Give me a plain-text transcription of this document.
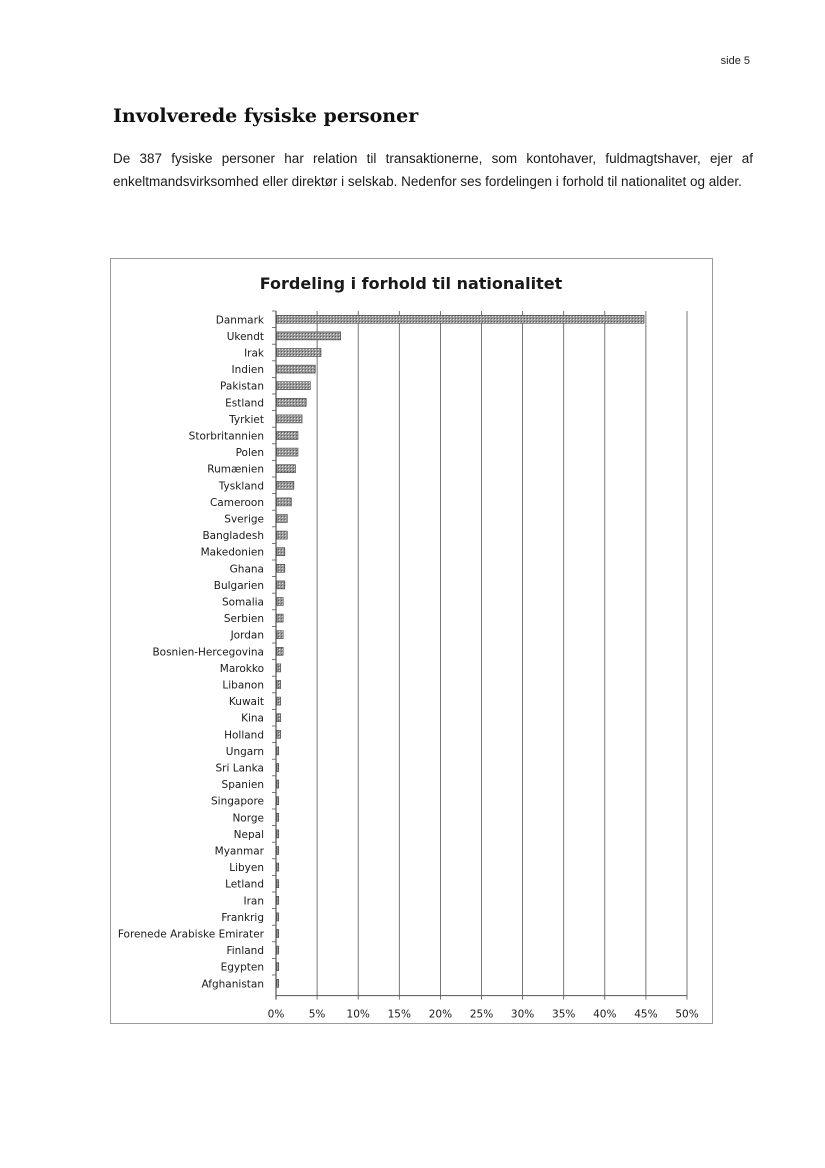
side 5
Involverede fysiske personer

De 387 fysiske personer har relation til transaktionerne, som kontohaver, fuldmagtshaver, ejer af enkeltmandsvirksomhed eller direktør i selskab. Nedenfor ses fordelingen i forhold til nationalitet og alder.

Fordeling i forhold til nationalitet
Danmark
Ukendt
Irak
Indien
Pakistan
Estland
Tyrkiet
Storbritannien
Polen
Rumænien
Tyskland
Cameroon
Sverige
Bangladesh
Makedonien
Ghana
Bulgarien
Somalia
Serbien
Jordan
Bosnien-Hercegovina
Marokko
Libanon
Kuwait
Kina
Holland
Ungarn
Sri Lanka
Spanien
Singapore
Norge
Nepal
Myanmar
Libyen
Letland
Iran
Frankrig
Forenede Arabiske Emirater
Finland
Egypten
Afghanistan
0% 5% 10% 15% 20% 25% 30% 35% 40% 45% 50%
